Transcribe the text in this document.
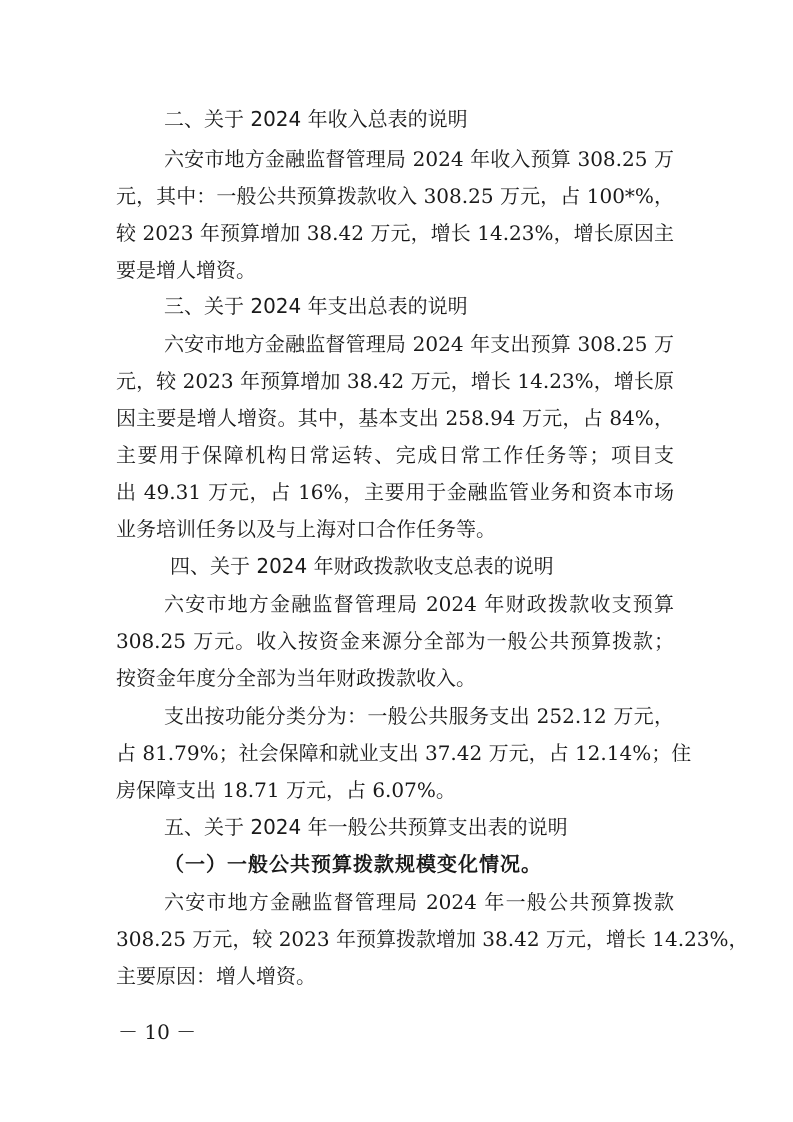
二、关于 2024 年收入总表的说明
六安市地方金融监督管理局 2024 年收入预算 308.25 万
元，其中：一般公共预算拨款收入 308.25 万元，占 100*%，
较 2023 年预算增加 38.42 万元，增长 14.23%，增长原因主
要是增人增资。
三、关于 2024 年支出总表的说明
六安市地方金融监督管理局 2024 年支出预算 308.25 万
元，较 2023 年预算增加 38.42 万元，增长 14.23%，增长原
因主要是增人增资。其中，基本支出 258.94 万元，占 84%，
主要用于保障机构日常运转、完成日常工作任务等；项目支
出 49.31 万元，占 16%，主要用于金融监管业务和资本市场
业务培训任务以及与上海对口合作任务等。
四、关于 2024 年财政拨款收支总表的说明
六安市地方金融监督管理局 2024 年财政拨款收支预算
308.25 万元。收入按资金来源分全部为一般公共预算拨款；
按资金年度分全部为当年财政拨款收入。
支出按功能分类分为：一般公共服务支出 252.12 万元，
占 81.79%；社会保障和就业支出 37.42 万元，占 12.14%；住
房保障支出 18.71 万元，占 6.07%。
五、关于 2024 年一般公共预算支出表的说明
（一）一般公共预算拨款规模变化情况。
六安市地方金融监督管理局 2024 年一般公共预算拨款
308.25 万元，较 2023 年预算拨款增加 38.42 万元，增长 14.23%，
主要原因：增人增资。
－ 10 －
